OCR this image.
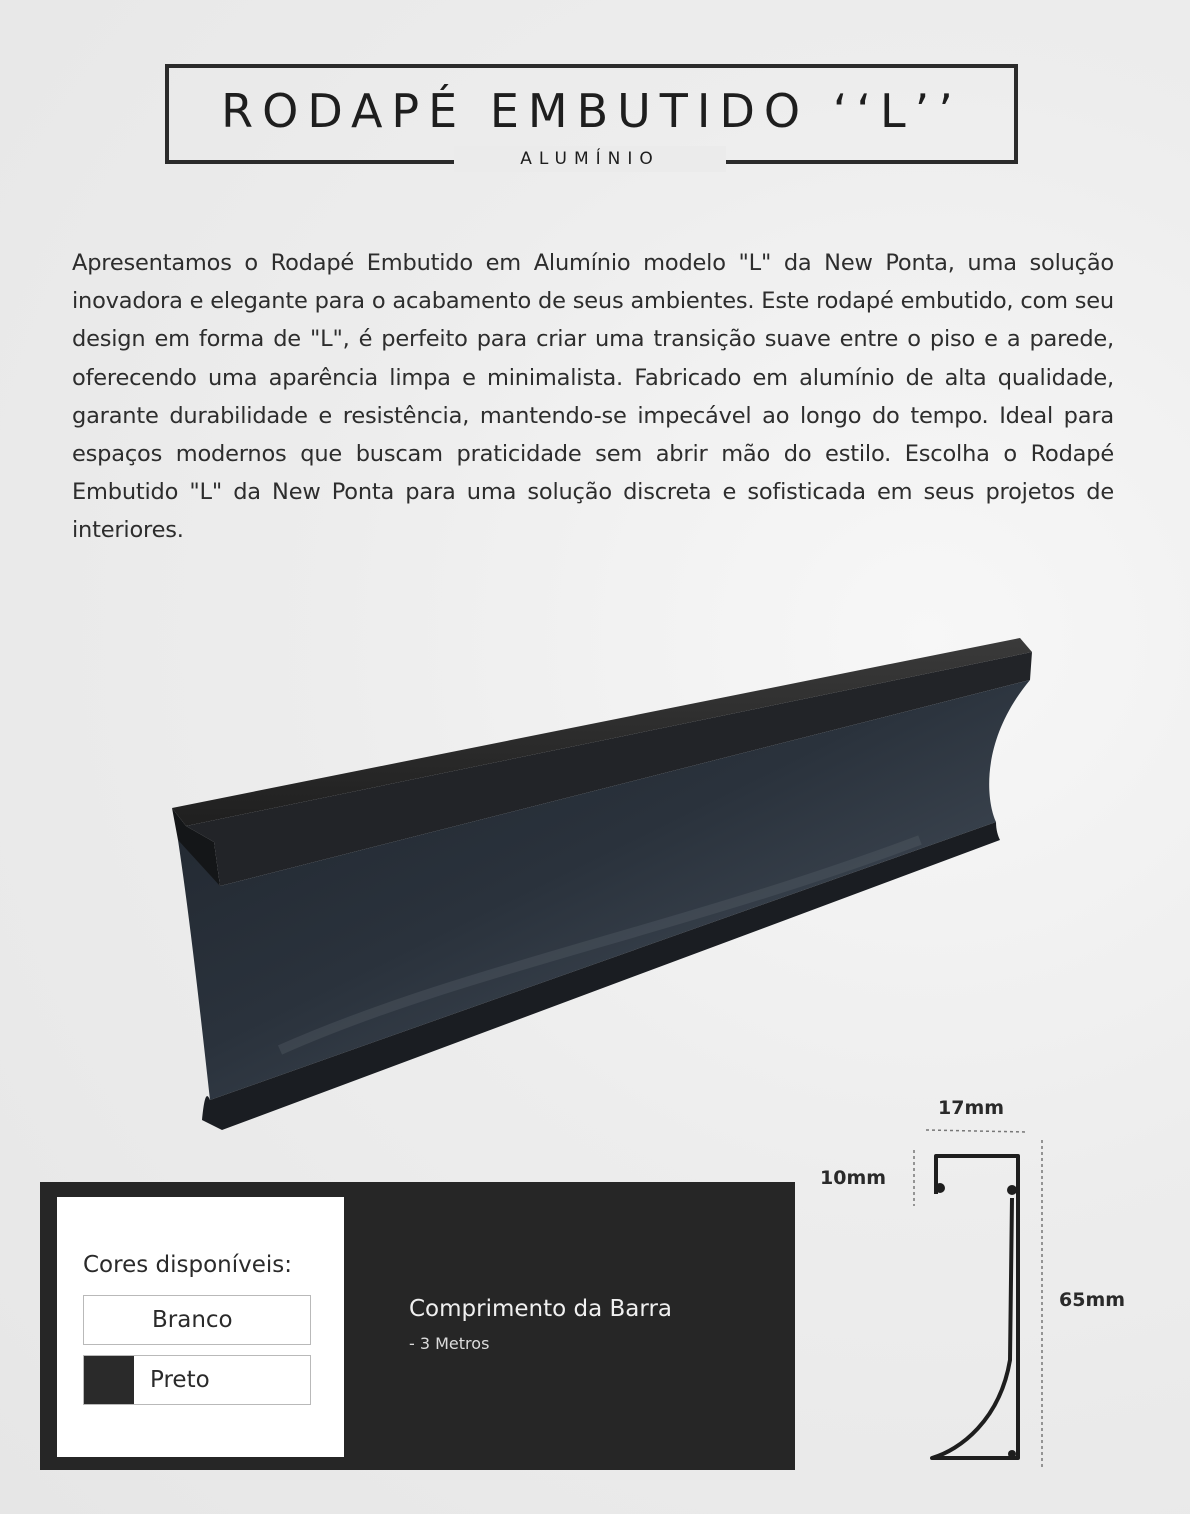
RODAPÉ EMBUTIDO ‘‘L’’
ALUMÍNIO

Apresentamos o Rodapé Embutido em Alumínio modelo "L" da New Ponta, uma solução inovadora e elegante para o acabamento de seus ambientes. Este rodapé embutido, com seu design em forma de "L", é perfeito para criar uma transição suave entre o piso e a parede, oferecendo uma aparência limpa e minimalista. Fabricado em alumínio de alta qualidade, garante durabilidade e resistência, mantendo-se impecável ao longo do tempo. Ideal para espaços modernos que buscam praticidade sem abrir mão do estilo. Escolha o Rodapé Embutido "L" da New Ponta para uma solução discreta e sofisticada em seus projetos de interiores.

Cores disponíveis:
Branco
Preto
Comprimento da Barra
- 3 Metros
17mm
10mm
65mm
